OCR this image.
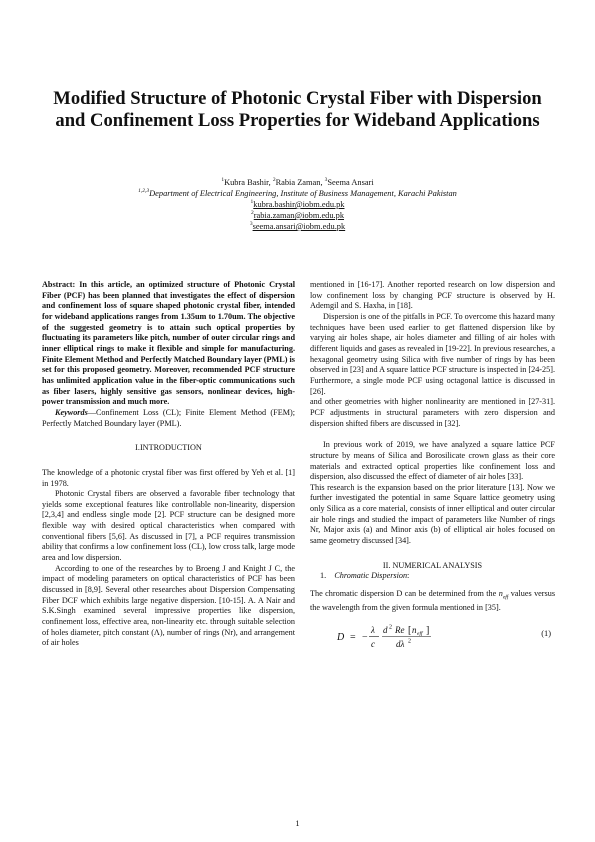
Modified Structure of Photonic Crystal Fiber with Dispersion and Confinement Loss Properties for Wideband Applications
$^1$Kubra Bashir, $^2$Rabia Zaman, $^3$Seema Ansari
$^{1,2,3}$Department of Electrical Engineering, Institute of Business Management, Karachi Pakistan
$^1$kubra.bashir@iobm.edu.pk
$^2$rabia.zaman@iobm.edu.pk
$^3$seema.ansari@iobm.edu.pk

Abstract: In this article, an optimized structure of Photonic Crystal Fiber (PCF) has been planned that investigates the effect of dispersion and confinement loss of square shaped photonic crystal fiber, intended for wideband applications ranges from 1.35um to 1.70um. The objective of the suggested geometry is to attain such optical properties by fluctuating its parameters like pitch, number of outer circular rings and inner elliptical rings to make it flexible and simple for manufacturing. Finite Element Method and Perfectly Matched Boundary layer (PML) is set for this proposed geometry. Moreover, recommended PCF structure has unlimited application value in the fiber-optic communications such as fiber lasers, highly sensitive gas sensors, nonlinear devices, high-power transmission and much more.

Keywords—Confinement Loss (CL); Finite Element Method (FEM); Perfectly Matched Boundary layer (PML).

I.INTRODUCTION

The knowledge of a photonic crystal fiber was first offered by Yeh et al. [1] in 1978.

Photonic Crystal fibers are observed a favorable fiber technology that yields some exceptional features like controllable non-linearity, dispersion [2,3,4] and endless single mode [2]. PCF structure can be designed more flexible way with desired optical characteristics when compared with conventional fibers [5,6]. As discussed in [7], a PCF requires transmission ability that confirms a low confinement loss (CL), low cross talk, large mode area and low dispersion.

According to one of the researches by to Broeng J and Knight J C, the impact of modeling parameters on optical characteristics of PCF has been discussed in [8,9]. Several other researches about Dispersion Compensating Fiber DCF which exhibits large negative dispersion. [10-15]. A. A Nair and S.K.Singh examined several impressive properties like dispersion, confinement loss, effective area, non-linearity etc. through suitable selection of holes diameter, pitch constant (Λ), number of rings (Nr), and arrangement of air holes

mentioned in [16-17]. Another reported research on low dispersion and low confinement loss by changing PCF structure is observed by H. Ademgil and S. Haxha, in [18].

Dispersion is one of the pitfalls in PCF. To overcome this hazard many techniques have been used earlier to get flattened dispersion like by varying air holes shape, air holes diameter and filling of air holes with different liquids and gases as revealed in [19-22]. In previous researches, a hexagonal geometry using Silica with five number of rings by has been observed in [23] and A square lattice PCF structure is inspected in [24-25]. Furthermore, a single mode PCF using octagonal lattice is discussed in [26].

and other geometries with higher nonlinearity are mentioned in [27-31]. PCF adjustments in structural parameters with zero dispersion and dispersion shifted fibers are discussed in [32].

In previous work of 2019, we have analyzed a square lattice PCF structure by means of Silica and Borosilicate crown glass as their core materials and extracted optical properties like confinement loss and dispersion, also discussed the effect of diameter of air holes [33].

This research is the expansion based on the prior literature [13]. Now we further investigated the potential in same Square lattice geometry using only Silica as a core material, consists of inner elliptical and outer circular air hole rings and studied the impact of parameters like Number of rings Nr, Major axis (a) and Minor axis (b) of elliptical air holes focused on same geometry discussed [34].

II. NUMERICAL ANALYSIS

1. Chromatic Dispersion:

The chromatic dispersion D can be determined from the $n_{eff}$ values versus the wavelength from the given formula mentioned in [35].

D = −
λ
c
d 2 Re [ n eff ]
dλ 2
(1)
1
